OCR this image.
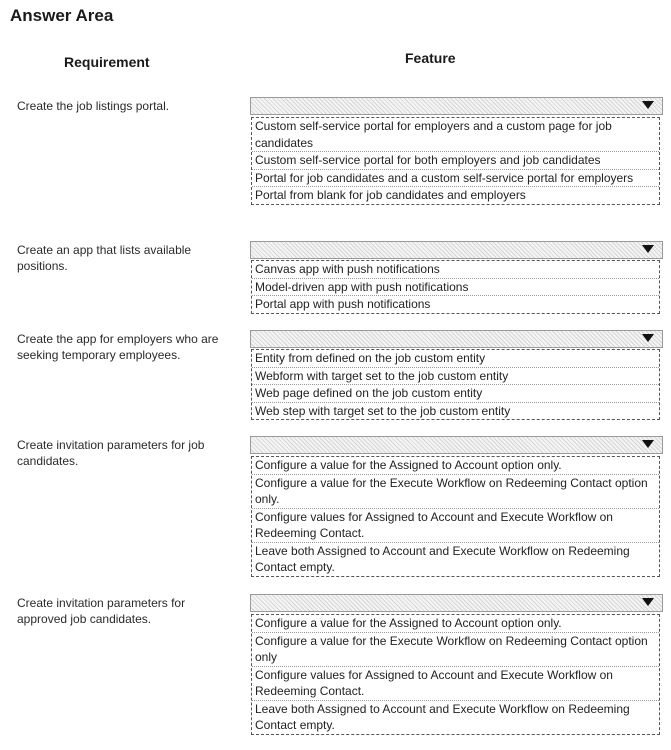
Answer Area
Requirement	Feature
Create the job listings portal.
Custom self-service portal for employers and a custom page for job candidates
Custom self-service portal for both employers and job candidates
Portal for job candidates and a custom self-service portal for employers
Portal from blank for job candidates and employers
Create an app that lists available positions.	Canvas app with push notifications
Model-driven app with push notifications
Portal app with push notifications
Create the app for employers who are seeking temporary employees.	Entity from defined on the job custom entity
Webform with target set to the job custom entity
Web page defined on the job custom entity
Web step with target set to the job custom entity
Create invitation parameters for job candidates.	Configure a value for the Assigned to Account option only.
Configure a value for the Execute Workflow on Redeeming Contact option only.
Configure values for Assigned to Account and Execute Workflow on Redeeming Contact.
Leave both Assigned to Account and Execute Workflow on Redeeming Contact empty.
Create invitation parameters for approved job candidates.	Configure a value for the Assigned to Account option only.
Configure a value for the Execute Workflow on Redeeming Contact option only
Configure values for Assigned to Account and Execute Workflow on Redeeming Contact.
Leave both Assigned to Account and Execute Workflow on Redeeming Contact empty.
